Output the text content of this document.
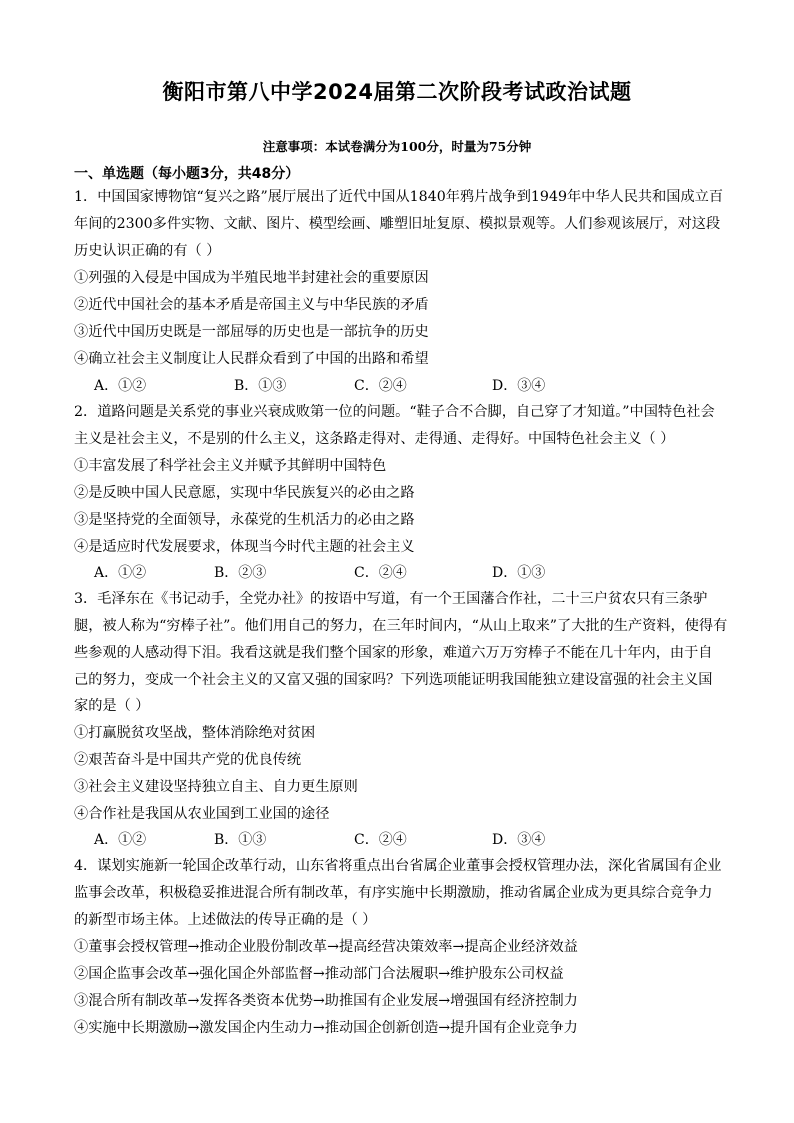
衡阳市第八中学2024届第二次阶段考试政治试题
注意事项：本试卷满分为100分，时量为75分钟
一、单选题（每小题3分，共48分）
1．中国国家博物馆“复兴之路”展厅展出了近代中国从1840年鸦片战争到1949年中华人民共和国成立百
年间的2300多件实物、文献、图片、模型绘画、雕塑旧址复原、模拟景观等。人们参观该展厅，对这段
历史认识正确的有（ ）
①列强的入侵是中国成为半殖民地半封建社会的重要原因
②近代中国社会的基本矛盾是帝国主义与中华民族的矛盾
③近代中国历史既是一部屈辱的历史也是一部抗争的历史
④确立社会主义制度让人民群众看到了中国的出路和希望
A．①②	B．①③	C．②④	D．③④
2．道路问题是关系党的事业兴衰成败第一位的问题。“鞋子合不合脚，自己穿了才知道。”中国特色社会
主义是社会主义，不是别的什么主义，这条路走得对、走得通、走得好。中国特色社会主义（ ）
①丰富发展了科学社会主义并赋予其鲜明中国特色
②是反映中国人民意愿，实现中华民族复兴的必由之路
③是坚持党的全面领导，永葆党的生机活力的必由之路
④是适应时代发展要求，体现当今时代主题的社会主义
A．①②	B．②③	C．②④	D．①③
3．毛泽东在《书记动手，全党办社》的按语中写道，有一个王国藩合作社，二十三户贫农只有三条驴
腿，被人称为“穷棒子社”。他们用自己的努力，在三年时间内，“从山上取来”了大批的生产资料，使得有
些参观的人感动得下泪。我看这就是我们整个国家的形象，难道六万万穷棒子不能在几十年内，由于自
己的努力，变成一个社会主义的又富又强的国家吗？下列选项能证明我国能独立建设富强的社会主义国
家的是（ ）
①打赢脱贫攻坚战，整体消除绝对贫困
②艰苦奋斗是中国共产党的优良传统
③社会主义建设坚持独立自主、自力更生原则
④合作社是我国从农业国到工业国的途径
A．①②	B．①③	C．②④	D．③④
4．谋划实施新一轮国企改革行动，山东省将重点出台省属企业董事会授权管理办法，深化省属国有企业
监事会改革，积极稳妥推进混合所有制改革，有序实施中长期激励，推动省属企业成为更具综合竞争力
的新型市场主体。上述做法的传导正确的是（ ）
①董事会授权管理→推动企业股份制改革→提高经营决策效率→提高企业经济效益
②国企监事会改革→强化国企外部监督→推动部门合法履职→维护股东公司权益
③混合所有制改革→发挥各类资本优势→助推国有企业发展→增强国有经济控制力
④实施中长期激励→激发国企内生动力→推动国企创新创造→提升国有企业竞争力
